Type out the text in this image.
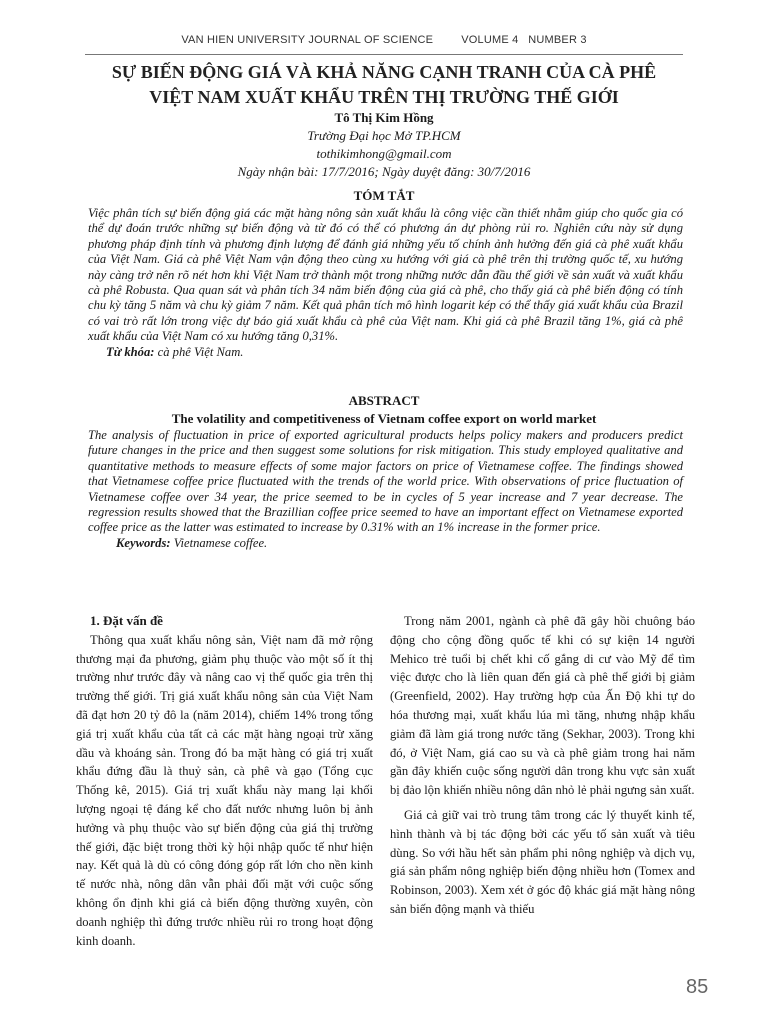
VAN HIEN UNIVERSITY JOURNAL OF SCIENCE	VOLUME 4 NUMBER 3
SỰ BIẾN ĐỘNG GIÁ VÀ KHẢ NĂNG CẠNH TRANH CỦA CÀ PHÊ
VIỆT NAM XUẤT KHẨU TRÊN THỊ TRƯỜNG THẾ GIỚI
Tô Thị Kim Hồng
Trường Đại học Mở TP.HCM
tothikimhong@gmail.com
Ngày nhận bài: 17/7/2016; Ngày duyệt đăng: 30/7/2016
TÓM TẮT
Việc phân tích sự biến động giá các mặt hàng nông sản xuất khẩu là công việc cần thiết nhằm giúp cho quốc gia có thể dự đoán trước những sự biến động và từ đó có thể có phương án dự phòng rủi ro. Nghiên cứu này sử dụng phương pháp định tính và phương định lượng để đánh giá những yếu tố chính ảnh hưởng đến giá cà phê xuất khẩu của Việt Nam. Giá cà phê Việt Nam vận động theo cùng xu hướng với giá cà phê trên thị trường quốc tế, xu hướng này càng trở nên rõ nét hơn khi Việt Nam trở thành một trong những nước dẫn đầu thế giới về sản xuất và xuất khẩu cà phê Robusta. Qua quan sát và phân tích 34 năm biến động của giá cà phê, cho thấy giá cà phê biến động có tính chu kỳ tăng 5 năm và chu kỳ giảm 7 năm. Kết quả phân tích mô hình logarit kép có thể thấy giá xuất khẩu của Brazil có vai trò rất lớn trong việc dự báo giá xuất khẩu cà phê của Việt nam. Khi giá cà phê Brazil tăng 1%, giá cà phê xuất khẩu của Việt Nam có xu hướng tăng 0,31%.
Từ khóa: cà phê Việt Nam.
ABSTRACT
The volatility and competitiveness of Vietnam coffee export on world market
The analysis of fluctuation in price of exported agricultural products helps policy makers and producers predict future changes in the price and then suggest some solutions for risk mitigation. This study employed qualitative and quantitative methods to measure effects of some major factors on price of Vietnamese coffee. The findings showed that Vietnamese coffee price fluctuated with the trends of the world price. With observations of price fluctuation of Vietnamese coffee over 34 year, the price seemed to be in cycles of 5 year increase and 7 year decrease. The regression results showed that the Brazillian coffee price seemed to have an important effect on Vietnamese exported coffee price as the latter was estimated to increase by 0.31% with an 1% increase in the former price.
Keywords: Vietnamese coffee.

1. Đặt vấn đề

Thông qua xuất khẩu nông sản, Việt nam đã mở rộng thương mại đa phương, giảm phụ thuộc vào một số ít thị trường như trước đây và nâng cao vị thế quốc gia trên thị trường thế giới. Trị giá xuất khẩu nông sản của Việt Nam đã đạt hơn 20 tỷ đô la (năm 2014), chiếm 14% trong tổng giá trị xuất khẩu của tất cả các mặt hàng ngoại trừ xăng dầu và khoáng sản. Trong đó ba mặt hàng có giá trị xuất khẩu đứng đầu là thuỷ sản, cà phê và gạo (Tổng cục Thống kê, 2015). Giá trị xuất khẩu này mang lại khối lượng ngoại tệ đáng kể cho đất nước nhưng luôn bị ảnh hưởng và phụ thuộc vào sự biến động của giá thị trường thế giới, đặc biệt trong thời kỳ hội nhập quốc tế như hiện nay. Kết quả là dù có công đóng góp rất lớn cho nền kinh tế nước nhà, nông dân vẫn phải đối mặt với cuộc sống không ổn định khi giá cả biến động thường xuyên, còn doanh nghiệp thì đứng trước nhiều rủi ro trong hoạt động kinh doanh.

Trong năm 2001, ngành cà phê đã gây hồi chuông báo động cho cộng đồng quốc tế khi có sự kiện 14 người Mehico trẻ tuổi bị chết khi cố gắng di cư vào Mỹ để tìm việc được cho là liên quan đến giá cà phê thế giới bị giảm (Greenfield, 2002). Hay trường hợp của Ấn Độ khi tự do hóa thương mại, xuất khẩu lúa mì tăng, nhưng nhập khẩu giảm đã làm giá trong nước tăng (Sekhar, 2003). Trong khi đó, ở Việt Nam, giá cao su và cà phê giảm trong hai năm gần đây khiến cuộc sống người dân trong khu vực sản xuất bị đảo lộn khiến nhiều nông dân nhỏ lẻ phải ngưng sản xuất.

Giá cả giữ vai trò trung tâm trong các lý thuyết kinh tế, hình thành và bị tác động bởi các yếu tố sản xuất và tiêu dùng. So với hầu hết sản phẩm phi nông nghiệp và dịch vụ, giá sản phẩm nông nghiệp biến động nhiều hơn (Tomex and Robinson, 2003). Xem xét ở góc độ khác giá mặt hàng nông sản biến động mạnh và thiếu

85
